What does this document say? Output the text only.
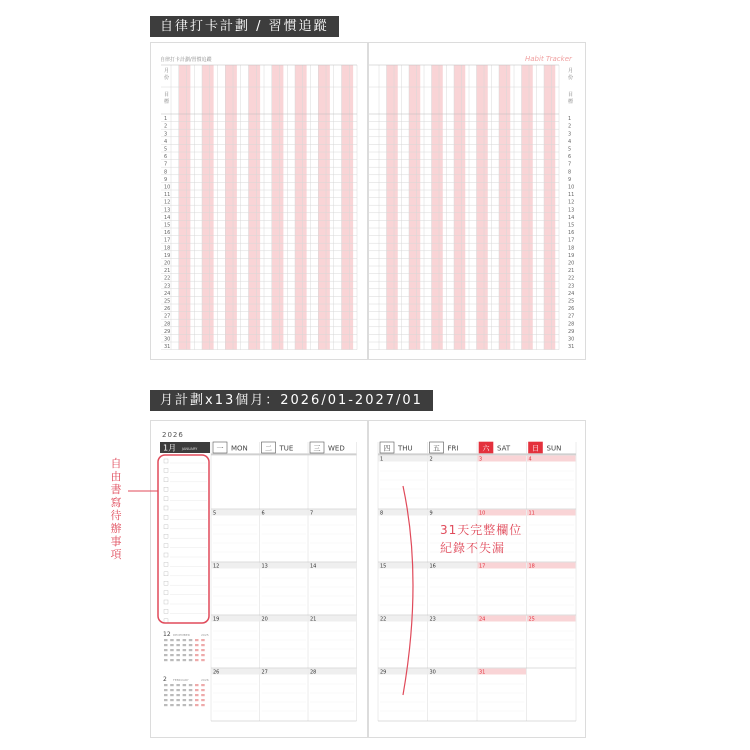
自律打卡計劃 / 習慣追蹤
自律打卡計劃/習慣追蹤
月
份
目
標
1
2
3
4
5
6
7
8
9
10
11
12
13
14
15
16
17
18
19
20
21
22
23
24
25
26
27
28
29
30
31
Habit Tracker
月
份
目
標
1
2
3
4
5
6
7
8
9
10
11
12
13
14
15
16
17
18
19
20
21
22
23
24
25
26
27
28
29
30
31
月計劃x13個月：2026/01-2027/01
2026
1月 JANUARY
12 DECEMBER	2025
2 FEBRUARY	2026
一 MON 二 TUE	三 WED
5	6	7
12	13	14
19	20	21
26	27	28
四 THU	五 FRI	六 SAT	日 SUN
1	2	3	4
8	9	10	11
15	16	17	18
22	23	24	25
29	30	31
自由書寫待辦事項
31天完整欄位
紀錄不失漏
